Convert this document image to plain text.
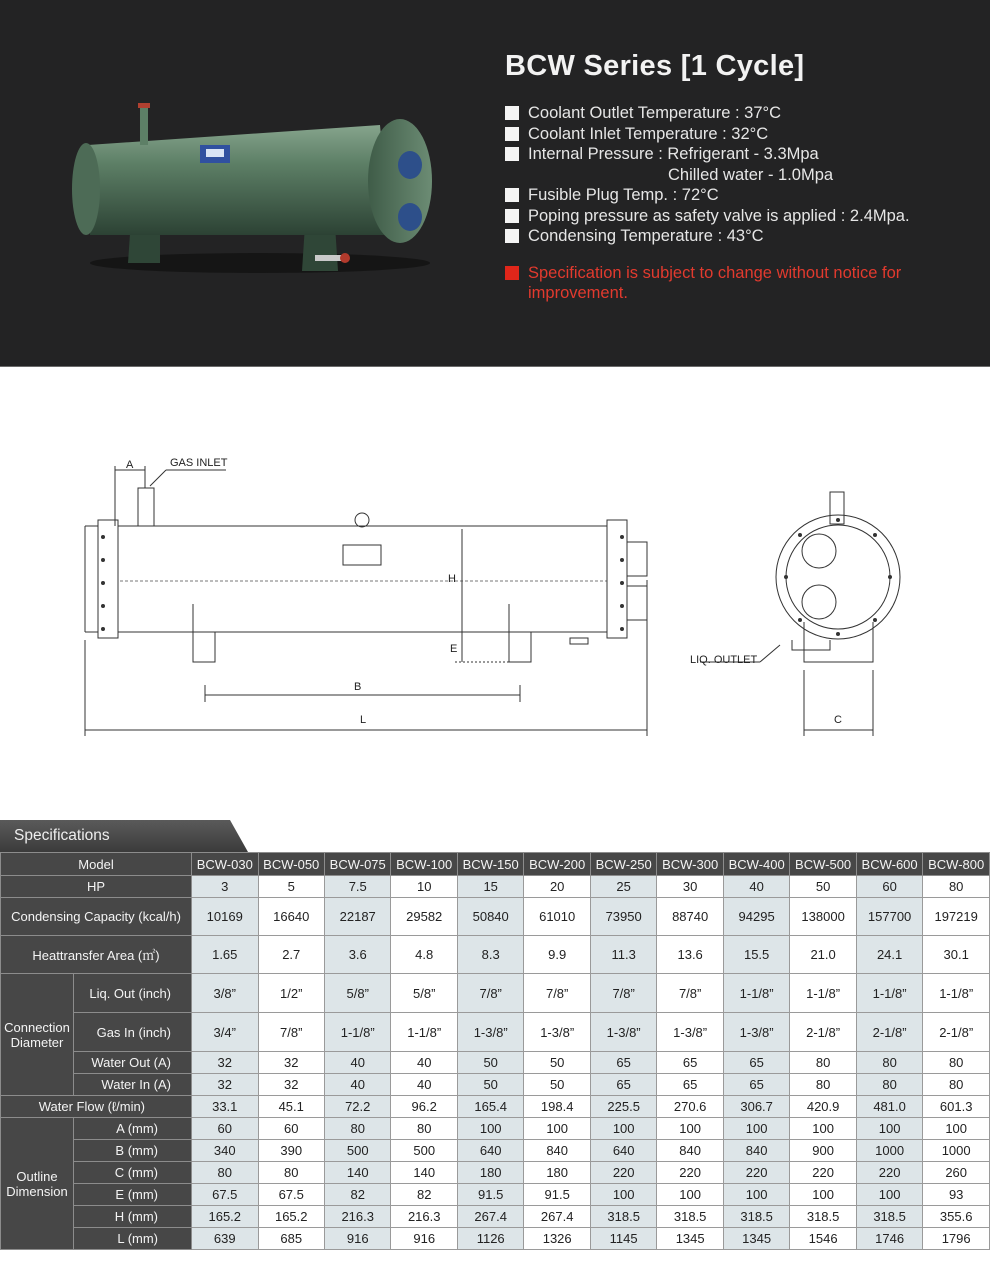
BCW Series [1 Cycle]
Coolant Outlet Temperature : 37°C
Coolant Inlet Temperature : 32°C
Internal Pressure : Refrigerant - 3.3Mpa
Chilled water - 1.0Mpa
Fusible Plug Temp. : 72°C
Poping pressure as safety valve is applied : 2.4Mpa.
Condensing Temperature : 43°C
Specification is subject to change without notice for improvement.
A	GAS INLET
H
E
B
L
LIQ. OUTLET
C
Specifications
Model		BCW-030	BCW-050	BCW-075	BCW-100	BCW-150	BCW-200	BCW-250	BCW-300	BCW-400	BCW-500	BCW-600	BCW-800
HP		3	5	7.5	10	15	20	25	30	40	50	60	80
Condensing Capacity (kcal/h)		10169	16640	22187	29582	50840	61010	73950	88740	94295	138000	157700	197219
Heattransfer Area (㎡)		1.65	2.7	3.6	4.8	8.3	9.9	11.3	13.6	15.5	21.0	24.1	30.1
Connection Diameter	Liq. Out (inch)	3/8”	1/2”	5/8”	5/8”	7/8”	7/8”	7/8”	7/8”	1-1/8”	1-1/8”	1-1/8”	1-1/8”
	Gas In (inch)	3/4”	7/8”	1-1/8”	1-1/8”	1-3/8”	1-3/8”	1-3/8”	1-3/8”	1-3/8”	2-1/8”	2-1/8”	2-1/8”
	Water Out (A)	32	32	40	40	50	50	65	65	65	80	80	80
	Water In (A)	32	32	40	40	50	50	65	65	65	80	80	80
Water Flow (ℓ/min)		33.1	45.1	72.2	96.2	165.4	198.4	225.5	270.6	306.7	420.9	481.0	601.3
Outline Dimension	A (mm)	60	60	80	80	100	100	100	100	100	100	100	100
	B (mm)	340	390	500	500	640	840	640	840	840	900	1000	1000
	C (mm)	80	80	140	140	180	180	220	220	220	220	220	260
	E (mm)	67.5	67.5	82	82	91.5	91.5	100	100	100	100	100	93
	H (mm)	165.2	165.2	216.3	216.3	267.4	267.4	318.5	318.5	318.5	318.5	318.5	355.6
	L (mm)	639	685	916	916	1126	1326	1145	1345	1345	1546	1746	1796
